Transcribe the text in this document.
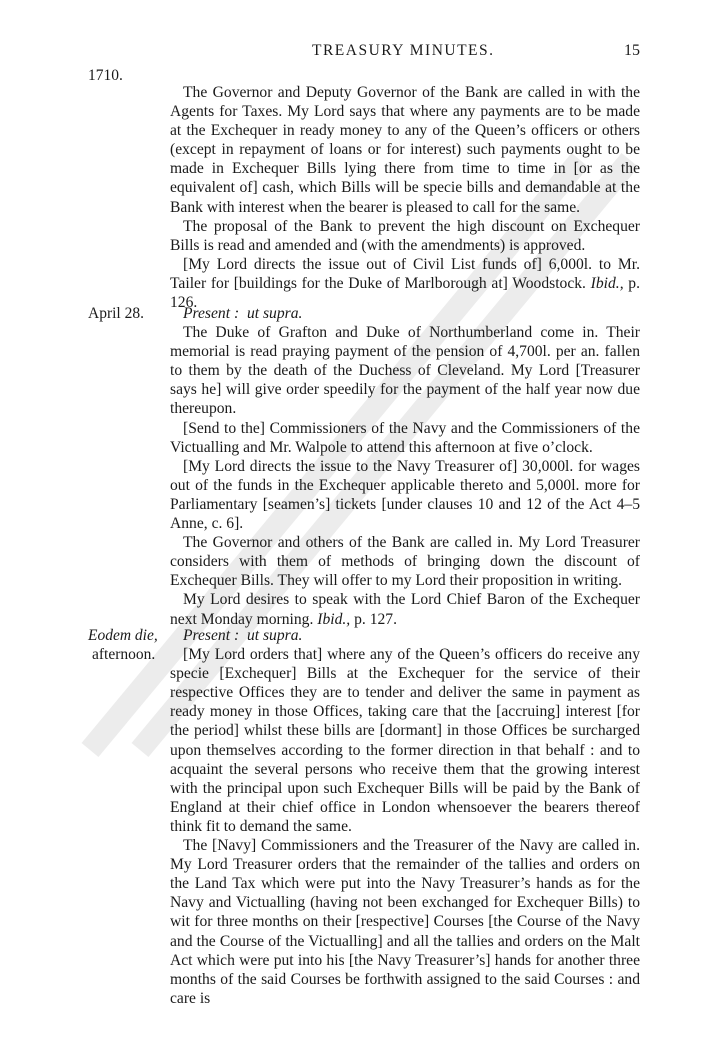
TREASURY MINUTES.	15
1710.
April 28.
Eodem die,
afternoon.

The Governor and Deputy Governor of the Bank are called in with the Agents for Taxes. My Lord says that where any payments are to be made at the Exchequer in ready money to any of the Queen’s officers or others (except in repayment of loans or for interest) such payments ought to be made in Exchequer Bills lying there from time to time in [or as the equivalent of] cash, which Bills will be specie bills and demandable at the Bank with interest when the bearer is pleased to call for the same.

The proposal of the Bank to prevent the high discount on Exchequer Bills is read and amended and (with the amendments) is approved.

[My Lord directs the issue out of Civil List funds of] 6,000l. to Mr. Tailer for [buildings for the Duke of Marlborough at] Woodstock. Ibid., p. 126.

Present : ut supra.

The Duke of Grafton and Duke of Northumberland come in. Their memorial is read praying payment of the pension of 4,700l. per an. fallen to them by the death of the Duchess of Cleveland. My Lord [Treasurer says he] will give order speedily for the payment of the half year now due thereupon.

[Send to the] Commissioners of the Navy and the Commissioners of the Victualling and Mr. Walpole to attend this afternoon at five o’clock.

[My Lord directs the issue to the Navy Treasurer of] 30,000l. for wages out of the funds in the Exchequer applicable thereto and 5,000l. more for Parliamentary [seamen’s] tickets [under clauses 10 and 12 of the Act 4–5 Anne, c. 6].

The Governor and others of the Bank are called in. My Lord Treasurer considers with them of methods of bringing down the discount of Exchequer Bills. They will offer to my Lord their proposition in writing.

My Lord desires to speak with the Lord Chief Baron of the Exchequer next Monday morning. Ibid., p. 127.

Present : ut supra.

[My Lord orders that] where any of the Queen’s officers do receive any specie [Exchequer] Bills at the Exchequer for the service of their respective Offices they are to tender and deliver the same in payment as ready money in those Offices, taking care that the [accruing] interest [for the period] whilst these bills are [dormant] in those Offices be surcharged upon themselves according to the former direction in that behalf : and to acquaint the several persons who receive them that the growing interest with the principal upon such Exchequer Bills will be paid by the Bank of England at their chief office in London whensoever the bearers thereof think fit to demand the same.

The [Navy] Commissioners and the Treasurer of the Navy are called in. My Lord Treasurer orders that the remainder of the tallies and orders on the Land Tax which were put into the Navy Treasurer’s hands as for the Navy and Victualling (having not been exchanged for Exchequer Bills) to wit for three months on their [respective] Courses [the Course of the Navy and the Course of the Victualling] and all the tallies and orders on the Malt Act which were put into his [the Navy Treasurer’s] hands for another three months of the said Courses be forthwith assigned to the said Courses : and care is
